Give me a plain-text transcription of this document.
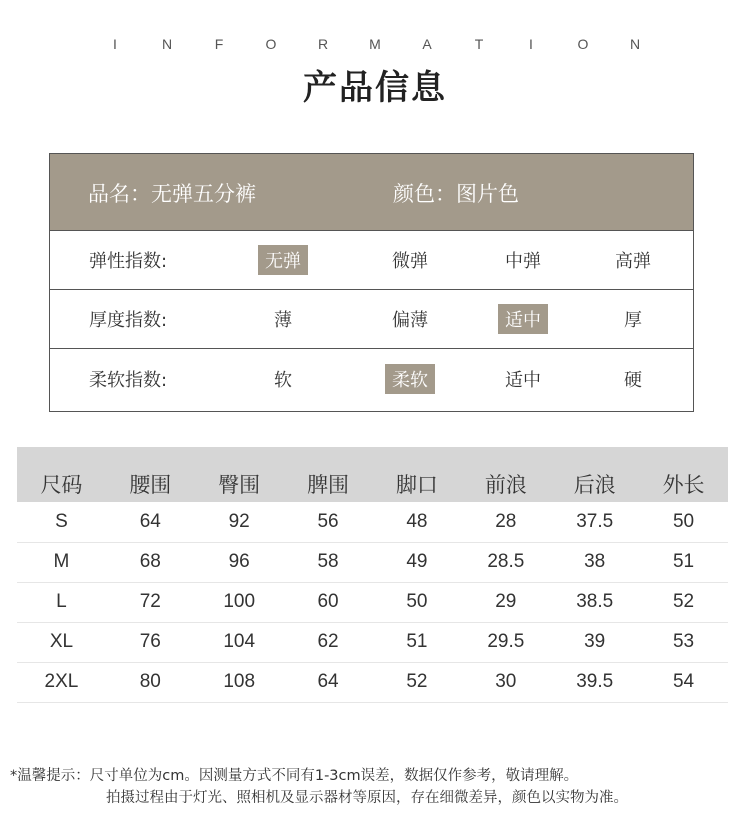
I	N	F	O	R	M	A	T	I	O	N
产品信息
品名：无弹五分裤	颜色：图片色
弹性指数:	无弹	微弹	中弹	高弹
厚度指数:	薄	偏薄	适中	厚
柔软指数:	软	柔软	适中	硬
尺码	腰围	臀围	脾围	脚口	前浪	后浪	外长
S	64	92	56	48	28	37.5	50
M	68	96	58	49	28.5	38	51
L	72	100	60	50	29	38.5	52
XL	76	104	62	51	29.5	39	53
2XL	80	108	64	52	30	39.5	54
*温馨提示：尺寸单位为cm。因测量方式不同有1-3cm误差，数据仅作参考，敬请理解。
拍摄过程由于灯光、照相机及显示器材等原因，存在细微差异，颜色以实物为准。
